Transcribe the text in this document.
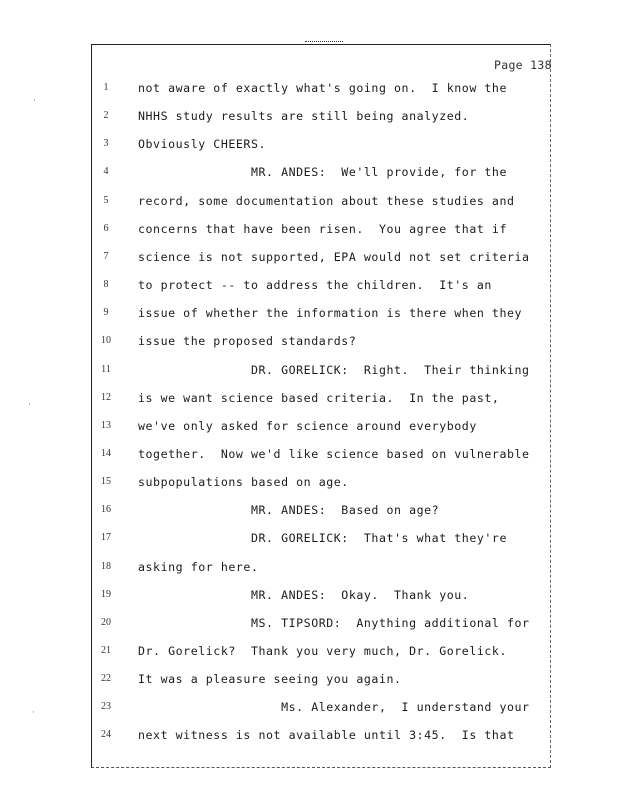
Page 138
1	not aware of exactly what's going on.  I know the
2	NHHS study results are still being analyzed.
3	Obviously CHEERS.
4	MR. ANDES:  We'll provide, for the
5	record, some documentation about these studies and
6	concerns that have been risen.  You agree that if
7	science is not supported, EPA would not set criteria
8	to protect -- to address the children.  It's an
9	issue of whether the information is there when they
10	issue the proposed standards?
11	DR. GORELICK:  Right.  Their thinking
12	is we want science based criteria.  In the past,
13	we've only asked for science around everybody
14	together.  Now we'd like science based on vulnerable
15	subpopulations based on age.
16	MR. ANDES:  Based on age?
17	DR. GORELICK:  That's what they're
18	asking for here.
19	MR. ANDES:  Okay.  Thank you.
20	MS. TIPSORD:  Anything additional for
21	Dr. Gorelick?  Thank you very much, Dr. Gorelick.
22	It was a pleasure seeing you again.
23	Ms. Alexander,  I understand your
24	next witness is not available until 3:45.  Is that
·
·
·
